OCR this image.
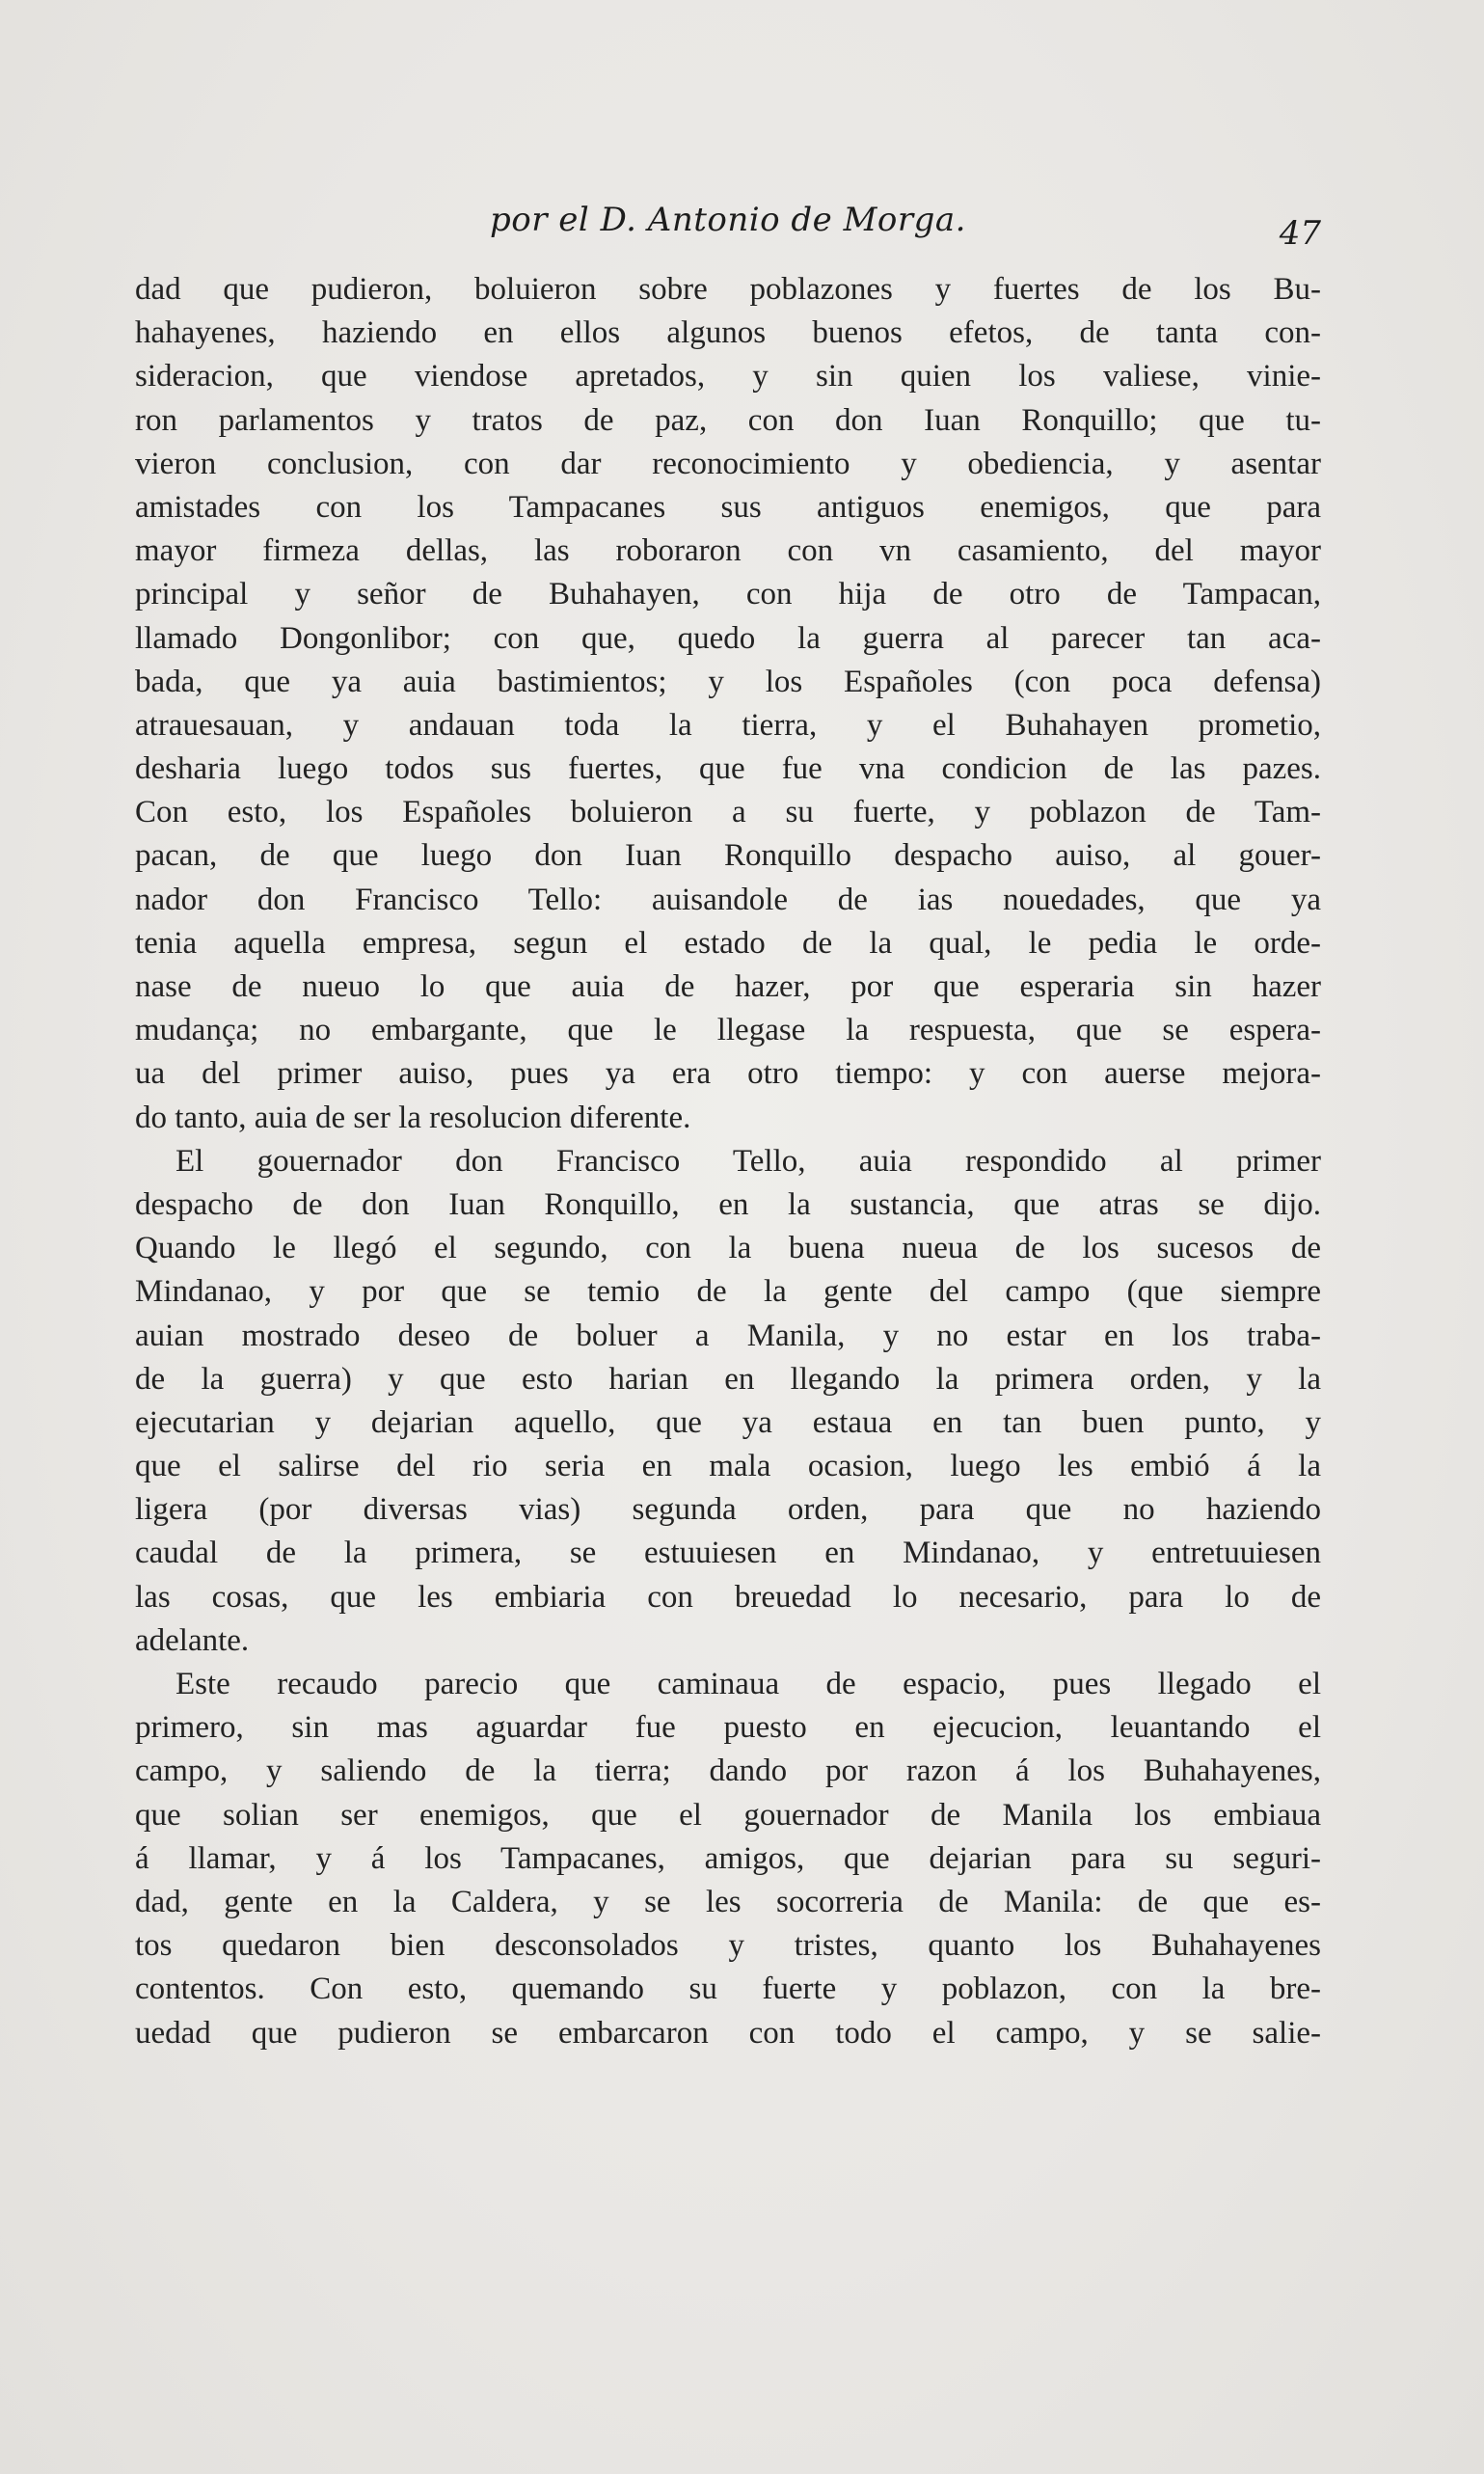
por el D. Antonio de Morga.	47
dad que pudieron, boluieron sobre poblazones y fuertes de los Bu-
hahayenes, haziendo en ellos algunos buenos efetos, de tanta con-
sideracion, que viendose apretados, y sin quien los valiese, vinie-
ron parlamentos y tratos de paz, con don Iuan Ronquillo; que tu-
vieron conclusion, con dar reconocimiento y obediencia, y asentar
amistades con los Tampacanes sus antiguos enemigos, que para
mayor firmeza dellas, las roboraron con vn casamiento, del mayor
principal y señor de Buhahayen, con hija de otro de Tampacan,
llamado Dongonlibor; con que, quedo la guerra al parecer tan aca-
bada, que ya auia bastimientos; y los Españoles (con poca defensa)
atrauesauan, y andauan toda la tierra, y el Buhahayen prometio,
desharia luego todos sus fuertes, que fue vna condicion de las pazes.
Con esto, los Españoles boluieron a su fuerte, y poblazon de Tam-
pacan, de que luego don Iuan Ronquillo despacho auiso, al gouer-
nador don Francisco Tello: auisandole de ias nouedades, que ya
tenia aquella empresa, segun el estado de la qual, le pedia le orde-
nase de nueuo lo que auia de hazer, por que esperaria sin hazer
mudança; no embargante, que le llegase la respuesta, que se espera-
ua del primer auiso, pues ya era otro tiempo: y con auerse mejora-
do tanto, auia de ser la resolucion diferente.
El gouernador don Francisco Tello, auia respondido al primer
despacho de don Iuan Ronquillo, en la sustancia, que atras se dijo.
Quando le llegó el segundo, con la buena nueua de los sucesos de
Mindanao, y por que se temio de la gente del campo (que siempre
auian mostrado deseo de boluer a Manila, y no estar en los traba-
de la guerra) y que esto harian en llegando la primera orden, y la
ejecutarian y dejarian aquello, que ya estaua en tan buen punto, y
que el salirse del rio seria en mala ocasion, luego les embió á la
ligera (por diversas vias) segunda orden, para que no haziendo
caudal de la primera, se estuuiesen en Mindanao, y entretuuiesen
las cosas, que les embiaria con breuedad lo necesario, para lo de
adelante.
Este recaudo parecio que caminaua de espacio, pues llegado el
primero, sin mas aguardar fue puesto en ejecucion, leuantando el
campo, y saliendo de la tierra; dando por razon á los Buhahayenes,
que solian ser enemigos, que el gouernador de Manila los embiaua
á llamar, y á los Tampacanes, amigos, que dejarian para su seguri-
dad, gente en la Caldera, y se les socorreria de Manila: de que es-
tos quedaron bien desconsolados y tristes, quanto los Buhahayenes
contentos. Con esto, quemando su fuerte y poblazon, con la bre-
uedad que pudieron se embarcaron con todo el campo, y se salie-
